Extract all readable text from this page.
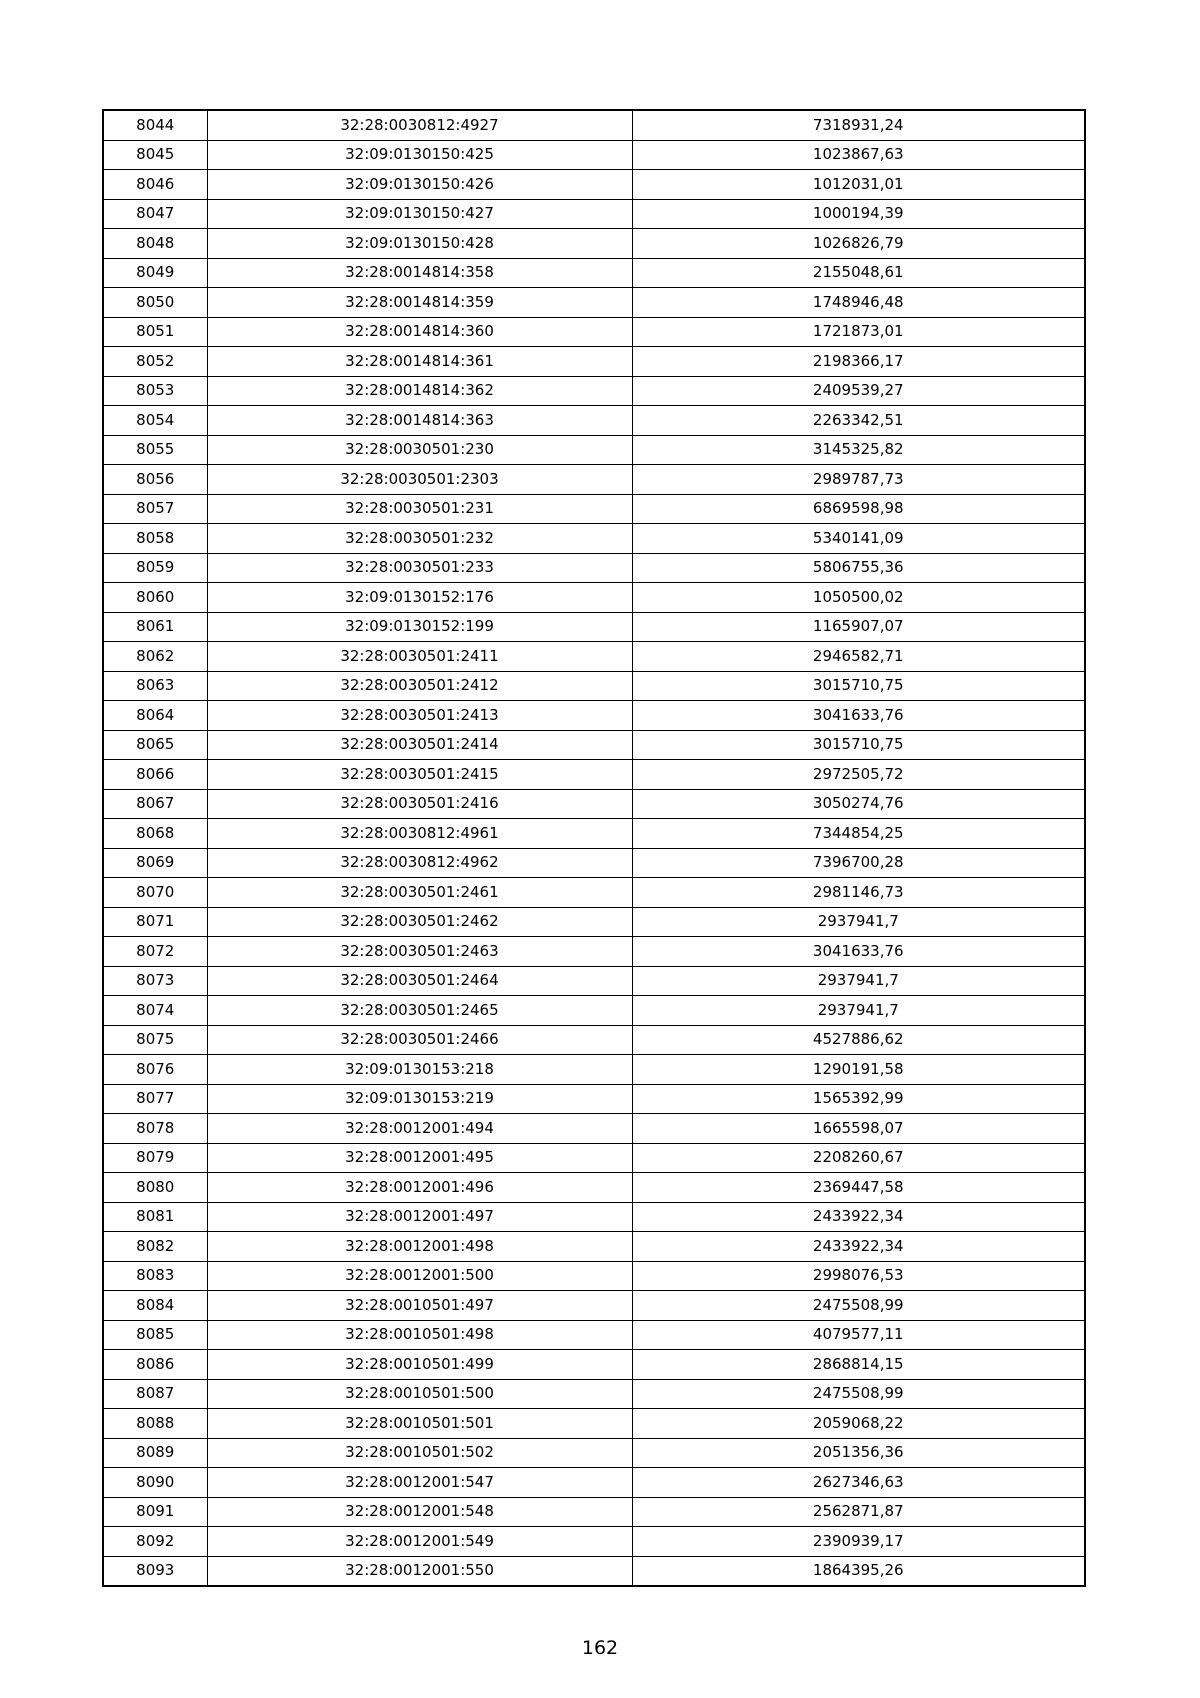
8044	32:28:0030812:4927	7318931,24
8045	32:09:0130150:425	1023867,63
8046	32:09:0130150:426	1012031,01
8047	32:09:0130150:427	1000194,39
8048	32:09:0130150:428	1026826,79
8049	32:28:0014814:358	2155048,61
8050	32:28:0014814:359	1748946,48
8051	32:28:0014814:360	1721873,01
8052	32:28:0014814:361	2198366,17
8053	32:28:0014814:362	2409539,27
8054	32:28:0014814:363	2263342,51
8055	32:28:0030501:230	3145325,82
8056	32:28:0030501:2303	2989787,73
8057	32:28:0030501:231	6869598,98
8058	32:28:0030501:232	5340141,09
8059	32:28:0030501:233	5806755,36
8060	32:09:0130152:176	1050500,02
8061	32:09:0130152:199	1165907,07
8062	32:28:0030501:2411	2946582,71
8063	32:28:0030501:2412	3015710,75
8064	32:28:0030501:2413	3041633,76
8065	32:28:0030501:2414	3015710,75
8066	32:28:0030501:2415	2972505,72
8067	32:28:0030501:2416	3050274,76
8068	32:28:0030812:4961	7344854,25
8069	32:28:0030812:4962	7396700,28
8070	32:28:0030501:2461	2981146,73
8071	32:28:0030501:2462	2937941,7
8072	32:28:0030501:2463	3041633,76
8073	32:28:0030501:2464	2937941,7
8074	32:28:0030501:2465	2937941,7
8075	32:28:0030501:2466	4527886,62
8076	32:09:0130153:218	1290191,58
8077	32:09:0130153:219	1565392,99
8078	32:28:0012001:494	1665598,07
8079	32:28:0012001:495	2208260,67
8080	32:28:0012001:496	2369447,58
8081	32:28:0012001:497	2433922,34
8082	32:28:0012001:498	2433922,34
8083	32:28:0012001:500	2998076,53
8084	32:28:0010501:497	2475508,99
8085	32:28:0010501:498	4079577,11
8086	32:28:0010501:499	2868814,15
8087	32:28:0010501:500	2475508,99
8088	32:28:0010501:501	2059068,22
8089	32:28:0010501:502	2051356,36
8090	32:28:0012001:547	2627346,63
8091	32:28:0012001:548	2562871,87
8092	32:28:0012001:549	2390939,17
8093	32:28:0012001:550	1864395,26
162
